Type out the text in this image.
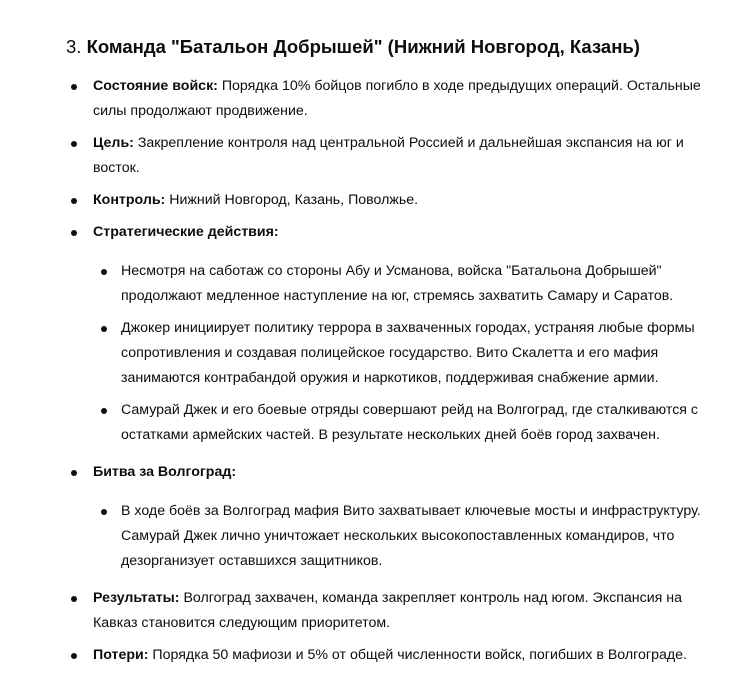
3. Команда "Батальон Добрышей" (Нижний Новгород, Казань)
Состояние войск: Порядка 10% бойцов погибло в ходе предыдущих операций. Остальные силы продолжают продвижение.
Цель: Закрепление контроля над центральной Россией и дальнейшая экспансия на юг и восток.
Контроль: Нижний Новгород, Казань, Поволжье.
Стратегические действия:
Несмотря на саботаж со стороны Абу и Усманова, войска "Батальона Добрышей" продолжают медленное наступление на юг, стремясь захватить Самару и Саратов.
Джокер инициирует политику террора в захваченных городах, устраняя любые формы сопротивления и создавая полицейское государство. Вито Скалетта и его мафия занимаются контрабандой оружия и наркотиков, поддерживая снабжение армии.
Самурай Джек и его боевые отряды совершают рейд на Волгоград, где сталкиваются с остатками армейских частей. В результате нескольких дней боёв город захвачен.
Битва за Волгоград:
В ходе боёв за Волгоград мафия Вито захватывает ключевые мосты и инфраструктуру. Самурай Джек лично уничтожает нескольких высокопоставленных командиров, что дезорганизует оставшихся защитников.
Результаты: Волгоград захвачен, команда закрепляет контроль над югом. Экспансия на Кавказ становится следующим приоритетом.
Потери: Порядка 50 мафиози и 5% от общей численности войск, погибших в Волгограде.
